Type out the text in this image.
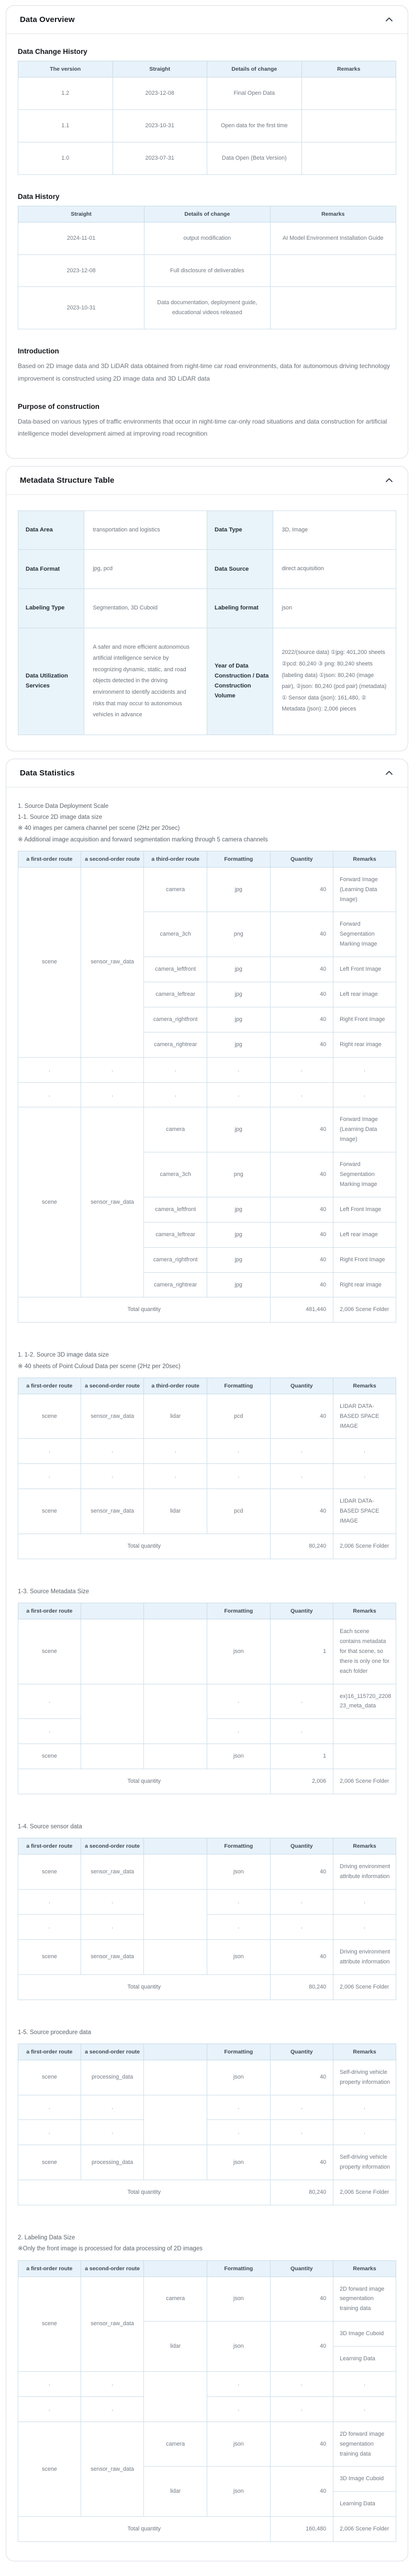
Data Overview
Data Change History
The version	Straight	Details of change	Remarks
1.2	2023-12-08	Final Open Data	
1.1	2023-10-31	Open data for the first time	
1.0	2023-07-31	Data Open (Beta Version)	
Data History
Straight	Details of change	Remarks
2024-11-01	output modification	AI Model Environment Installation Guide
2023-12-08	Full disclosure of deliverables	
2023-10-31	Data documentation, deployment guide, educational videos released	
Introduction

Based on 2D image data and 3D LiDAR data obtained from night-time car road environments, data for autonomous driving technology improvement is constructed using 2D image data and 3D LiDAR data

Purpose of construction

Data-based on various types of traffic environments that occur in night-time car-only road situations and data construction for artificial intelligence model development aimed at improving road recognition

Metadata Structure Table
Data Area	transportation and logistics	Data Type	3D, Image
Data Format	jpg, pcd	Data Source	direct acquisition
Labeling Type	Segmentation, 3D Cuboid	Labeling format	json
Data Utilization Services	A safer and more efficient autonomous artificial intelligence service by recognizing dynamic, static, and road objects detected in the driving environment to identify accidents and risks that may occur to autonomous vehicles in advance	Year of Data Construction / Data Construction Volume	2022/(source data) ①jpg: 401,200 sheets ②pcd: 80,240 ③ png: 80,240 sheets (labeling data) ①json: 80,240 (image pair), ②json: 80,240 (pcd pair) (metadata) ① Sensor data (json): 161,480, ② Metadata (json): 2,006 pieces
Data Statistics

1. Source Data Deployment Scale

1-1. Source 2D image data size

※ 40 images per camera channel per scene (2Hz per 20sec)

※ Additional image acquisition and forward segmentation marking through 5 camera channels

a first-order route	a second-order route	a third-order route	Formatting	Quantity	Remarks
scene	sensor_raw_data	camera	jpg	40	Forward Image (Learning Data Image)
		camera_3ch	png	40	Forward Segmentation Marking Image
		camera_leftfront	jpg	40	Left Front Image
		camera_leftrear	jpg	40	Left rear image
		camera_rightfront	jpg	40	Right Front Image
		camera_rightrear	jpg	40	Right rear image
.	.	.	.	.	.
.	.	.	.	.	.
scene	sensor_raw_data	camera	jpg	40	Forward Image (Learning Data Image)
		camera_3ch	png	40	Forward Segmentation Marking Image
		camera_leftfront	jpg	40	Left Front Image
		camera_leftrear	jpg	40	Left rear image
		camera_rightfront	jpg	40	Right Front Image
		camera_rightrear	jpg	40	Right rear image
Total quantity				481,440	2,006 Scene Folder

1. 1-2. Source 3D image data size

※ 40 sheets of Point Culoud Data per scene (2Hz per 20sec)

a first-order route	a second-order route	a third-order route	Formatting	Quantity	Remarks
scene	sensor_raw_data	lidar	pcd	40	LIDAR DATA-BASED SPACE IMAGE
.	.	.	.	.	.
.	.	.	.	.	.
scene	sensor_raw_data	lidar	pcd	40	LIDAR DATA-BASED SPACE IMAGE
Total quantity				80,240	2,006 Scene Folder

1-3. Source Metadata Size

a first-order route			Formatting	Quantity	Remarks
scene			json	1	Each scene contains metadata for that scene, so there is only one for each folder
.			.	.	ex)16_115720_220823_meta_data
.			.	.	
scene			json	1	
Total quantity				2,006	2,006 Scene Folder

1-4. Source sensor data

a first-order route	a second-order route		Formatting	Quantity	Remarks
scene	sensor_raw_data		json	40	Driving environment attribute information
.	.		.	.	.
.	.		.	.	.
scene	sensor_raw_data		json	40	Driving environment attribute information
Total quantity				80,240	2,006 Scene Folder

1-5. Source procedure data

a first-order route	a second-order route		Formatting	Quantity	Remarks
scene	processing_data		json	40	Self-driving vehicle property information
.	.		.	.	.
.	.		.	.	.
scene	processing_data		json	40	Self-driving vehicle property information
Total quantity				80,240	2,006 Scene Folder

2. Labeling Data Size

※Only the front image is processed for data processing of 2D images

a first-order route	a second-order route		Formatting	Quantity	Remarks
scene	sensor_raw_data	camera	json	40	2D forward image segmentation training data
		lidar	json	40	3D Image Cuboid
					Learning Data
.	.		.	.	.
.	.		.	.	.
scene	sensor_raw_data	camera	json	40	2D forward image segmentation training data
		lidar	json	40	3D Image Cuboid
					Learning Data
Total quantity				160,480	2,006 Scene Folder
